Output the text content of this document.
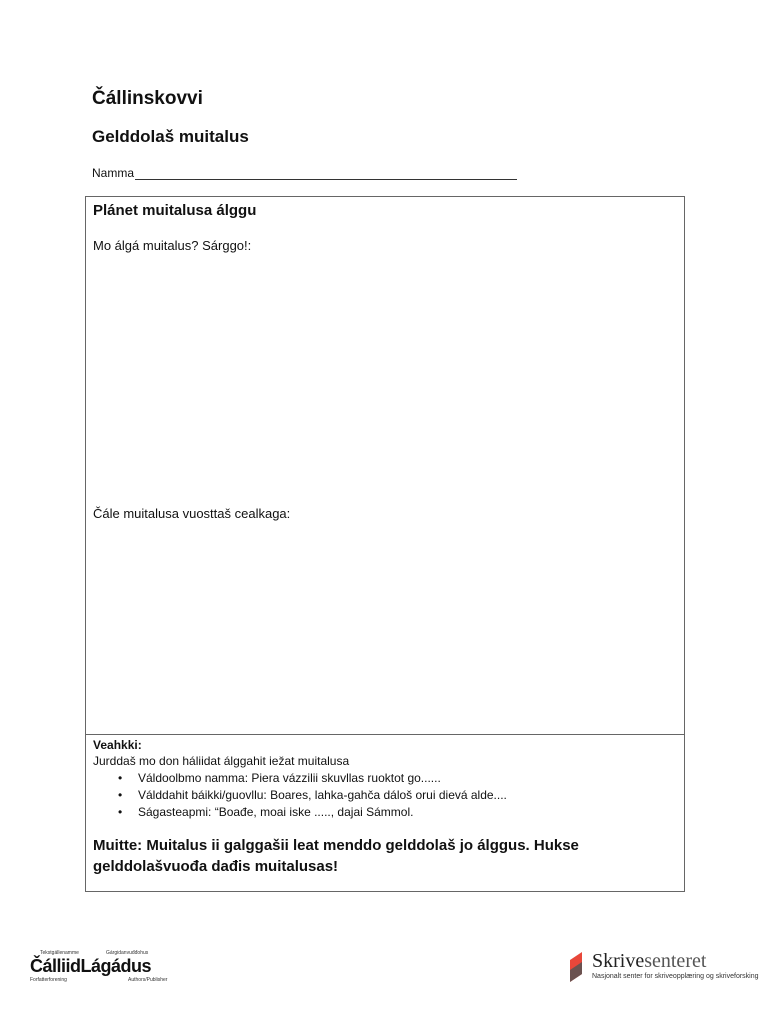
Čállinskovvi
Gelddolaš muitalus
Namma
Plánet muitalusa álggu
Mo álgá muitalus? Sárggo!:
Čále muitalusa vuosttaš cealkaga:
Veahkki:
Jurddaš mo don háliidat álggahit iežat muitalusa
• Váldoolbmo namma: Piera vázzilii skuvllas ruoktot go......
• Válddahit báikki/guovllu: Boares, lahka-gahča dáloš orui dievá alde....
• Ságasteapmi: “Boađe, moai iske ....., dajai Sámmol.
Muitte: Muitalus ii galggašii leat menddo gelddolaš jo álggus. Hukse
gelddolašvuođa dađis muitalusas!
Tekstgállenamme	Gárgidanvuđđohus
ČálliidLágádus
Forfatterforening	Authors/Publisher
Skrivesenteret
Nasjonalt senter for skriveopplæring og skriveforsking
